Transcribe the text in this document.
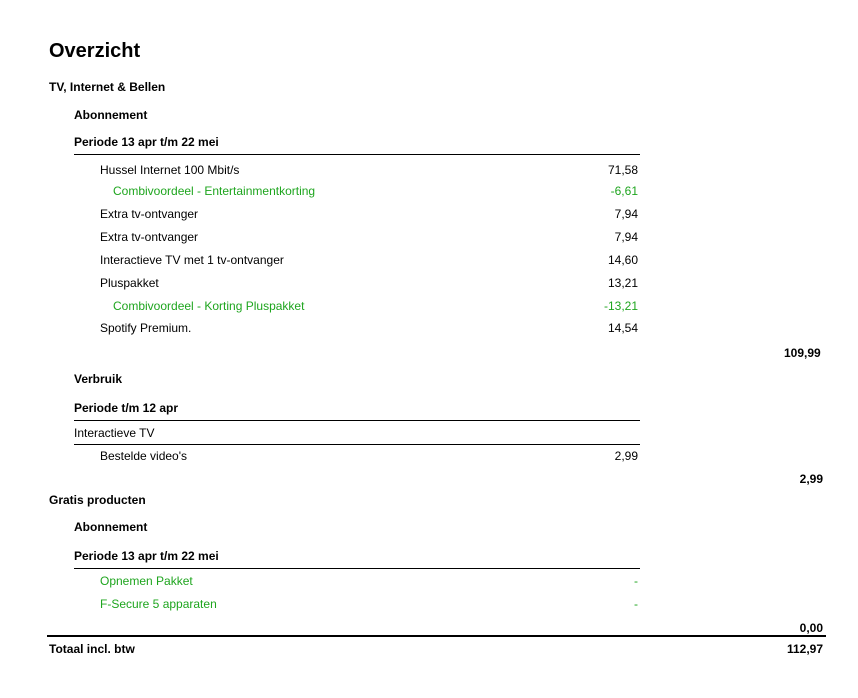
Overzicht
TV, Internet & Bellen
Abonnement
Periode 13 apr t/m 22 mei
Hussel Internet 100 Mbit/s	71,58
Combivoordeel - Entertainmentkorting	-6,61
Extra tv-ontvanger	7,94
Extra tv-ontvanger	7,94
Interactieve TV met 1 tv-ontvanger	14,60
Pluspakket	13,21
Combivoordeel - Korting Pluspakket	-13,21
Spotify Premium.	14,54
109,99
Verbruik
Periode t/m 12 apr
Interactieve TV
Bestelde video's	2,99
2,99
Gratis producten
Abonnement
Periode 13 apr t/m 22 mei
Opnemen Pakket	-
F-Secure 5 apparaten	-
0,00
Totaal incl. btw	112,97
